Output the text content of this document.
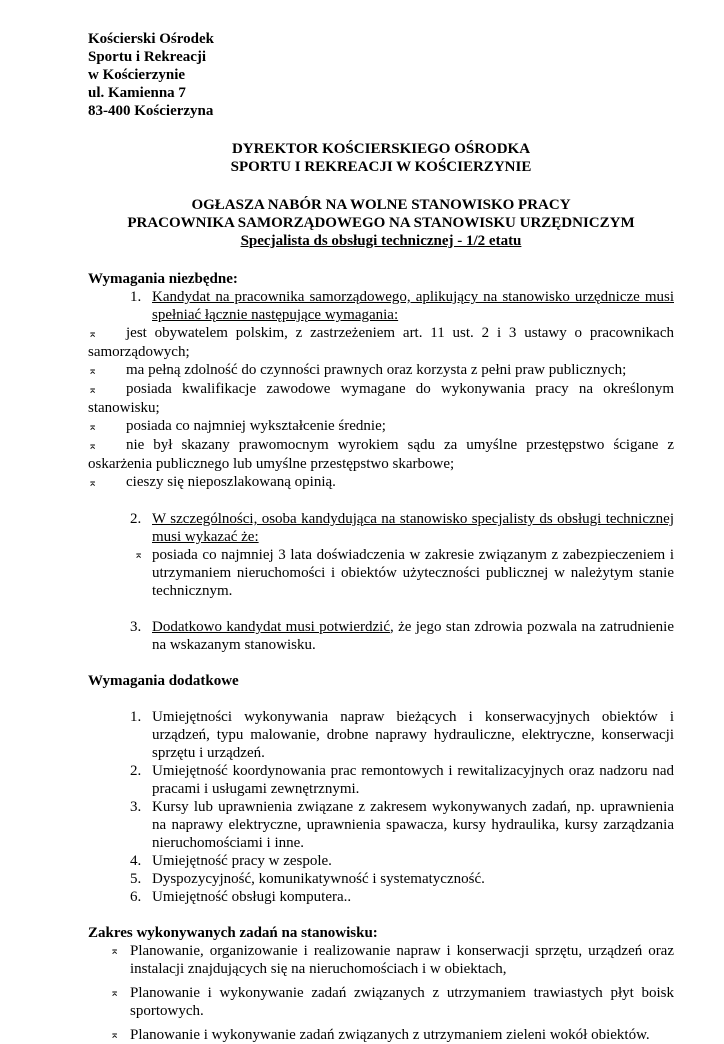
Kościerski Ośrodek
Sportu i Rekreacji
w Kościerzynie
ul. Kamienna 7
83-400 Kościerzyna
DYREKTOR KOŚCIERSKIEGO OŚRODKA
SPORTU I REKREACJI W KOŚCIERZYNIE
OGŁASZA NABÓR NA WOLNE STANOWISKO PRACY
PRACOWNIKA SAMORZĄDOWEGO NA STANOWISKU URZĘDNICZYM
Specjalista ds obsługi technicznej - 1/2 etatu
Wymagania niezbędne:
1. Kandydat na pracownika samorządowego, aplikujący na stanowisko urzędnicze musi spełniać łącznie następujące wymagania:
⌅ jest obywatelem polskim, z zastrzeżeniem art. 11 ust. 2 i 3 ustawy o pracownikach samorządowych;
⌅ ma pełną zdolność do czynności prawnych oraz korzysta z pełni praw publicznych;
⌅ posiada kwalifikacje zawodowe wymagane do wykonywania pracy na określonym stanowisku;
⌅ posiada co najmniej wykształcenie średnie;
⌅ nie był skazany prawomocnym wyrokiem sądu za umyślne przestępstwo ścigane z oskarżenia publicznego lub umyślne przestępstwo skarbowe;
⌅ cieszy się nieposzlakowaną opinią.
2. W szczególności, osoba kandydująca na stanowisko specjalisty ds obsługi technicznej musi wykazać że:
⌅ posiada co najmniej 3 lata doświadczenia w zakresie związanym z zabezpieczeniem i utrzymaniem nieruchomości i obiektów użyteczności publicznej w należytym stanie technicznym.
3. Dodatkowo kandydat musi potwierdzić, że jego stan zdrowia pozwala na zatrudnienie na wskazanym stanowisku.
Wymagania dodatkowe
1. Umiejętności wykonywania napraw bieżących i konserwacyjnych obiektów i urządzeń, typu malowanie, drobne naprawy hydrauliczne, elektryczne, konserwacji sprzętu i urządzeń.
2. Umiejętność koordynowania prac remontowych i rewitalizacyjnych oraz nadzoru nad pracami i usługami zewnętrznymi.
3. Kursy lub uprawnienia związane z zakresem wykonywanych zadań, np. uprawnienia na naprawy elektryczne, uprawnienia spawacza, kursy hydraulika, kursy zarządzania nieruchomościami i inne.
4. Umiejętność pracy w zespole.
5. Dyspozycyjność, komunikatywność i systematyczność.
6. Umiejętność obsługi komputera..
Zakres wykonywanych zadań na stanowisku:
⌅ Planowanie, organizowanie i realizowanie napraw i konserwacji sprzętu, urządzeń oraz instalacji znajdujących się na nieruchomościach i w obiektach,
⌅ Planowanie i wykonywanie zadań związanych z utrzymaniem trawiastych płyt boisk sportowych.
⌅ Planowanie i wykonywanie zadań związanych z utrzymaniem zieleni wokół obiektów.
